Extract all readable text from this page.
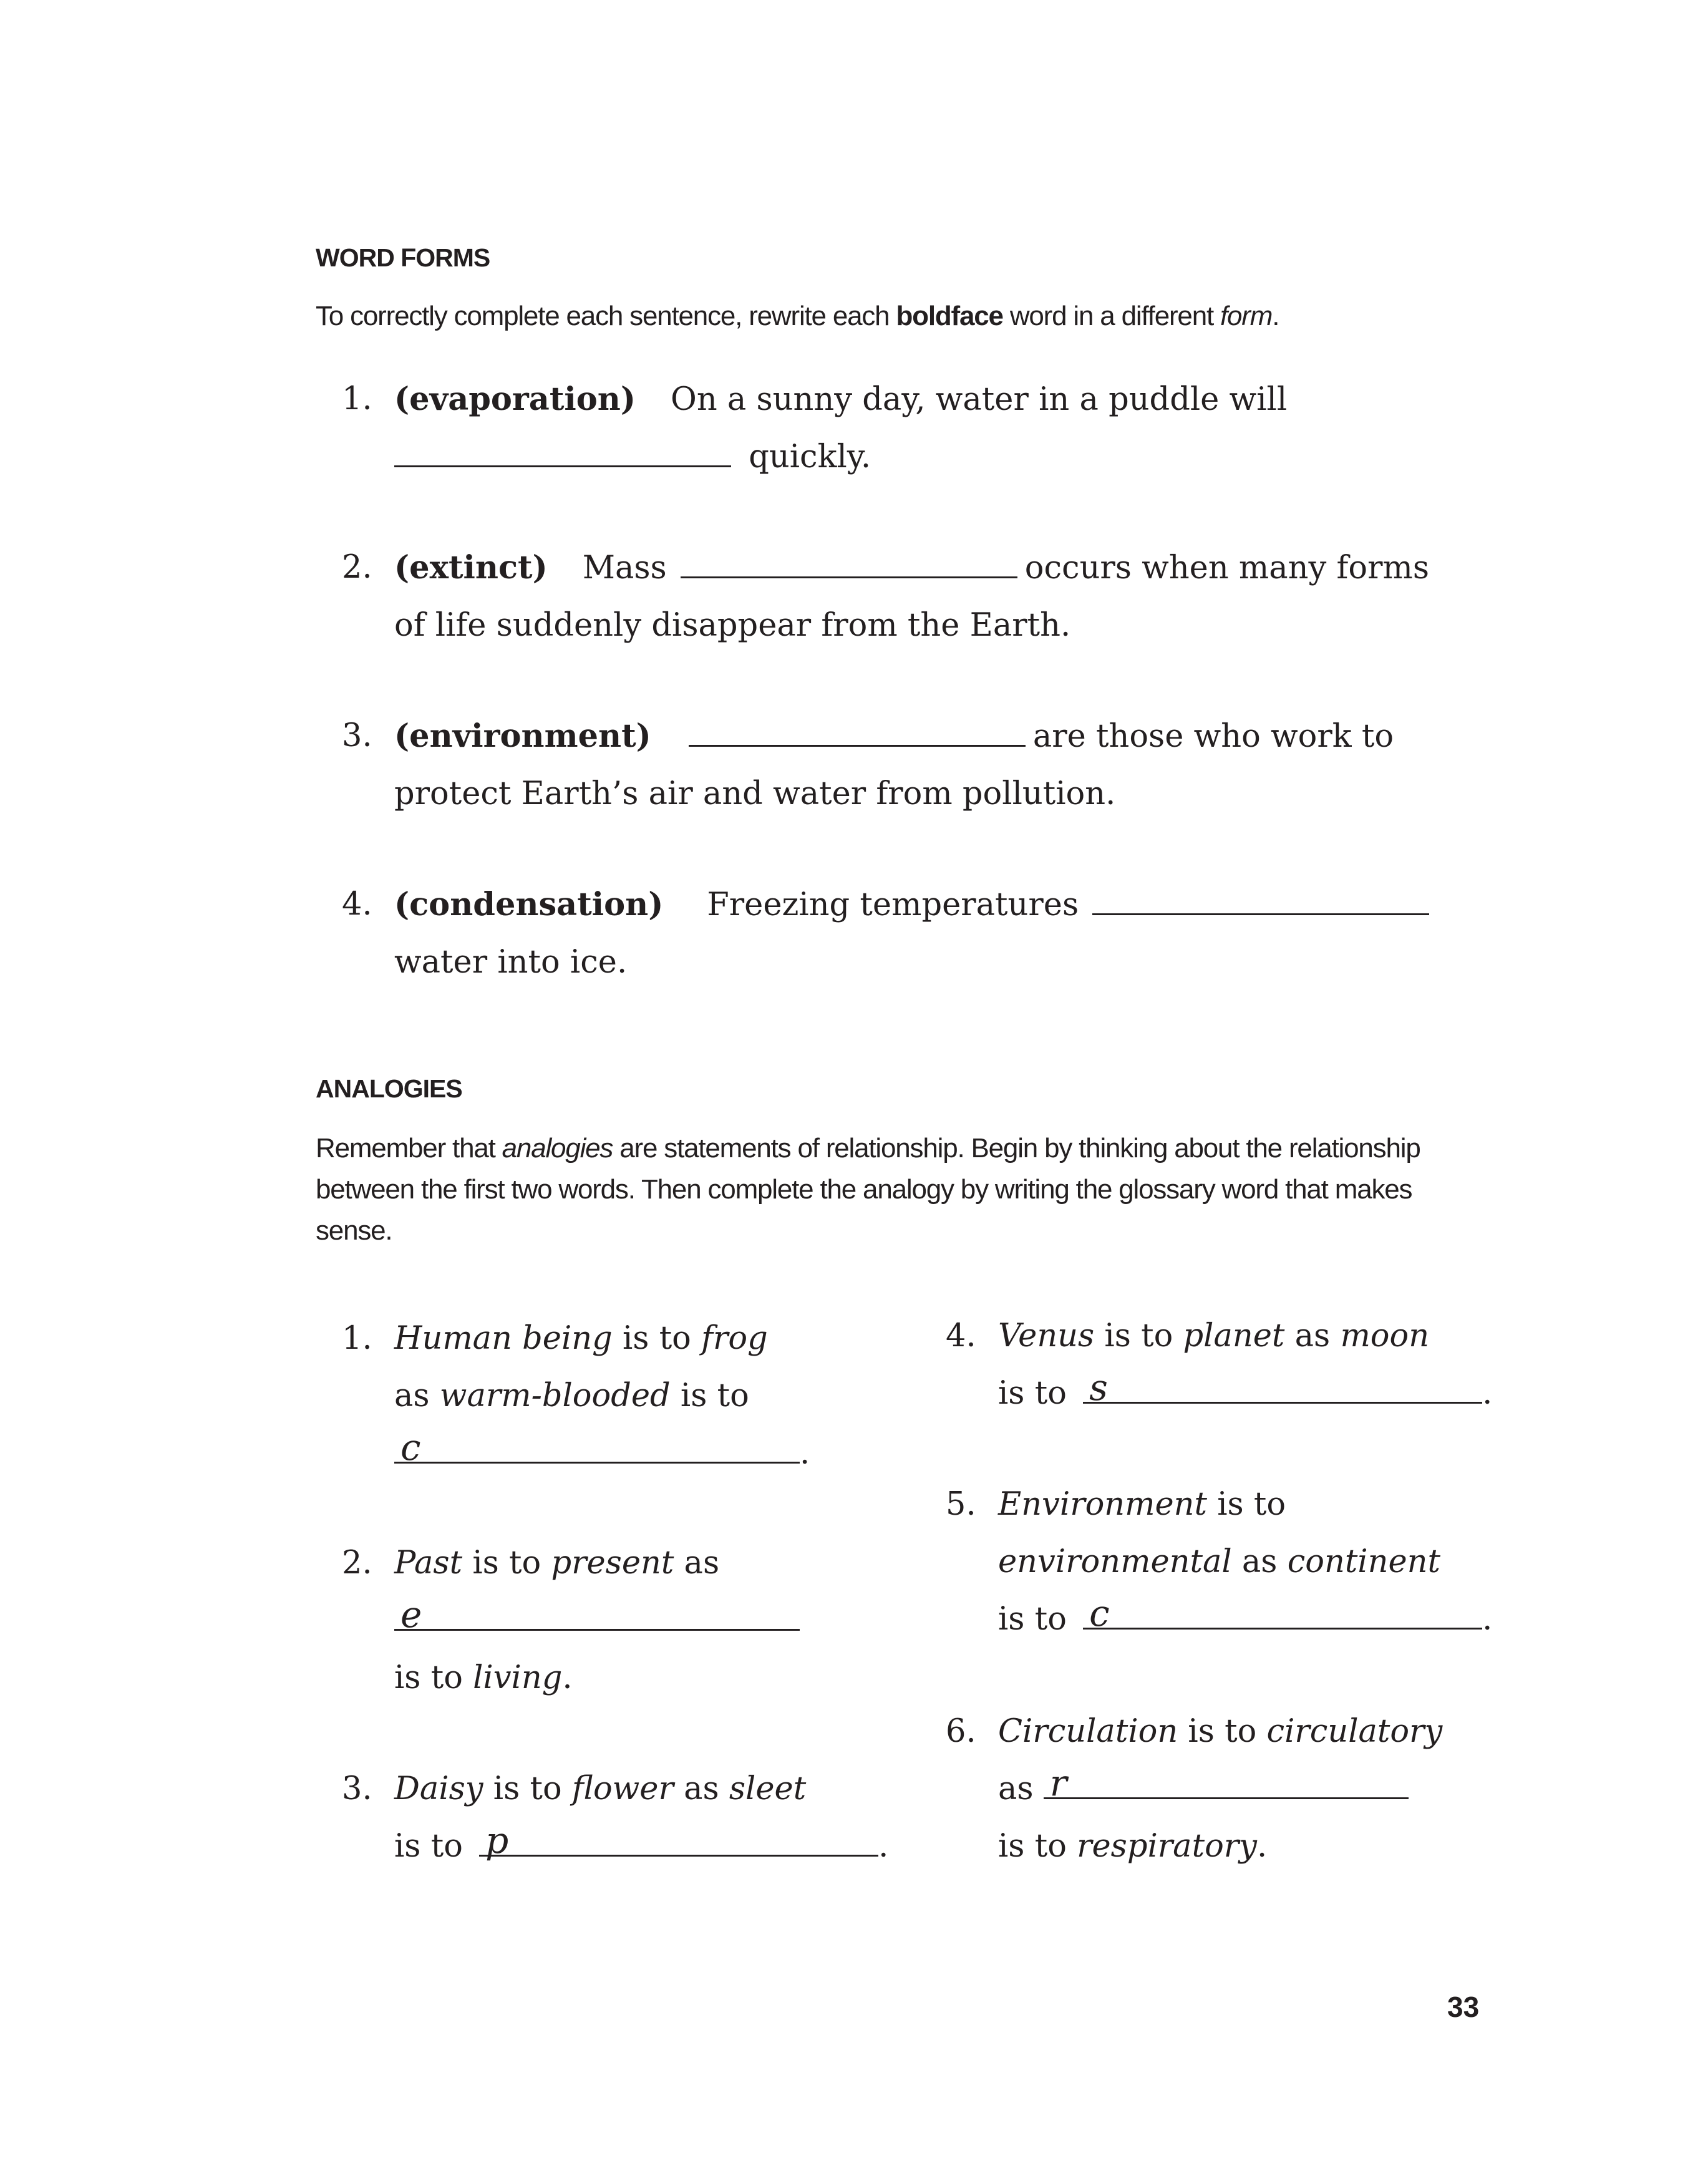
WORD FORMS
To correctly complete each sentence, rewrite each boldface word in a different form.
1. (evaporation) On a sunny day, water in a puddle will
quickly.
2. (extinct) Mass	occurs when many forms
of life suddenly disappear from the Earth.
3. (environment)	are those who work to
protect Earth’s air and water from pollution.
4. (condensation) Freezing temperatures
water into ice.
ANALOGIES
Remember that analogies are statements of relationship. Begin by thinking about the relationship between the first two words. Then complete the analogy by writing the glossary word that makes sense.
1. Human being is to frog
as warm-blooded is to

c	.
2. Past is to present as

e

is to living.
3. Daisy is to flower as sleet
is to p	.
4. Venus is to planet as moon
is to s	.
5. Environment is to
environmental as continent
is to c	.
6. Circulation is to circulatory
as r

is to respiratory.
33
